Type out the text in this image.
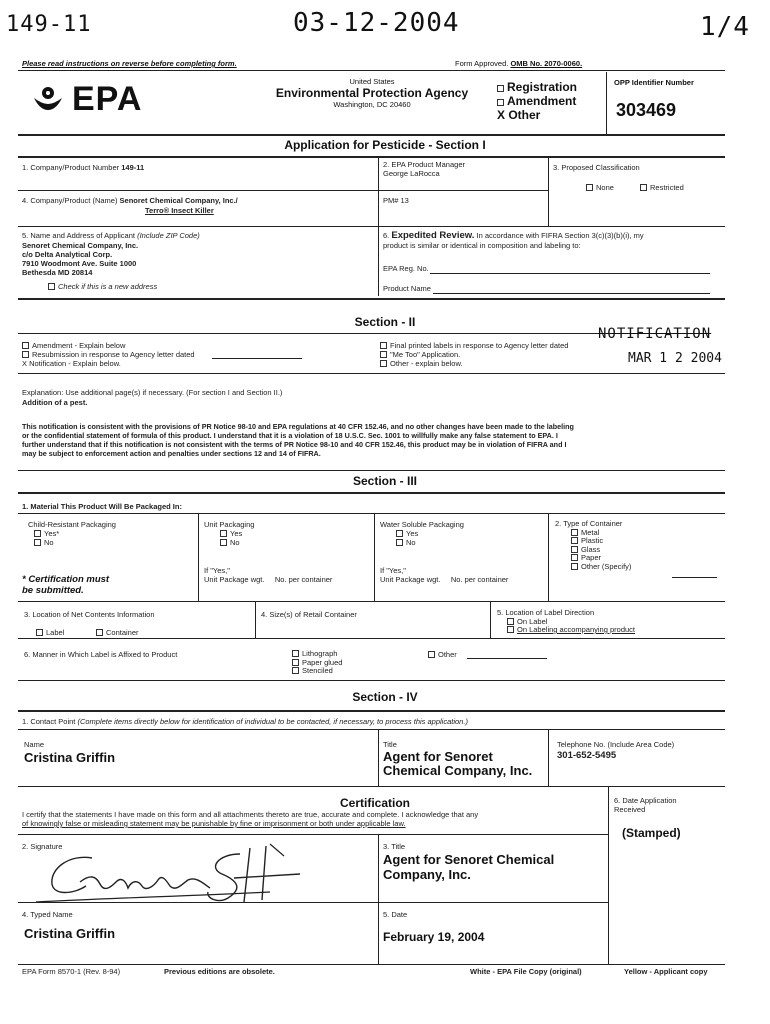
149-11	03-12-2004	1/4
Please read instructions on reverse before completing form.	Form Approved. OMB No. 2070-0060.
EPA	United States
Environmental Protection Agency
Washington, DC 20460
Registration
Amendment
X Other
OPP Identifier Number
303469
Application for Pesticide - Section I
1. Company/Product Number 149-11	2. EPA Product Manager
George LaRocca
3. Proposed Classification
None	Restricted
4. Company/Product (Name) Senoret Chemical Company, Inc./
Terro® Insect Killer
PM# 13
5. Name and Address of Applicant (Include ZIP Code)
Senoret Chemical Company, Inc.
c/o Delta Analytical Corp.
7910 Woodmont Ave. Suite 1000
Bethesda MD 20814
Check if this is a new address
6. Expedited Review. In accordance with FIFRA Section 3(c)(3)(b)(i), my
product is similar or identical in composition and labeling to:
EPA Reg. No.
Product Name
Section - II
NOTIFICATION
Amendment - Explain below
Resubmission in response to Agency letter dated
X Notification - Explain below.
Final printed labels in response to Agency letter dated
"Me Too" Application.
Other - explain below.	MAR 1 2 2004
Explanation: Use additional page(s) if necessary. (For section I and Section II.)
Addition of a pest.
This notification is consistent with the provisions of PR Notice 98-10 and EPA regulations at 40 CFR 152.46, and no other changes have been made to the labeling
or the confidential statement of formula of this product. I understand that it is a violation of 18 U.S.C. Sec. 1001 to willfully make any false statement to EPA. I
further understand that if this notification is not consistent with the terms of PR Notice 98-10 and 40 CFR 152.46, this product may be in violation of FIFRA and I
may be subject to enforcement action and penalties under sections 12 and 14 of FIFRA.
Section - III
1. Material This Product Will Be Packaged In:
Child-Resistant Packaging
Yes*
No
Unit Packaging
Yes
No
Water Soluble Packaging
Yes
No
2. Type of Container
Metal
Plastic
Glass
Paper
Other (Specify)
If "Yes,"
Unit Package wgt. No. per container
If "Yes,"
Unit Package wgt. No. per container
* Certification must
be submitted.
3. Location of Net Contents Information
Label	Container
4. Size(s) of Retail Container	5. Location of Label Direction
On Label
On Labeling accompanying product
6. Manner in Which Label is Affixed to Product	Lithograph
Paper glued
Stenciled
Other
Section - IV
1. Contact Point (Complete items directly below for identification of individual to be contacted, if necessary, to process this application.)
Name
Cristina Griffin
Title
Agent for Senoret
Chemical Company, Inc.
Telephone No. (Include Area Code)
301-652-5495
Certification
I certify that the statements I have made on this form and all attachments thereto are true, accurate and complete. I acknowledge that any
of knowingly false or misleading statement may be punishable by fine or imprisonment or both under applicable law.
6. Date Application
Received
(Stamped)
2. Signature	3. Title
Agent for Senoret Chemical
Company, Inc.
4. Typed Name
Cristina Griffin
5. Date
February 19, 2004
EPA Form 8570-1 (Rev. 8-94)	Previous editions are obsolete.	White - EPA File Copy (original)	Yellow - Applicant copy
